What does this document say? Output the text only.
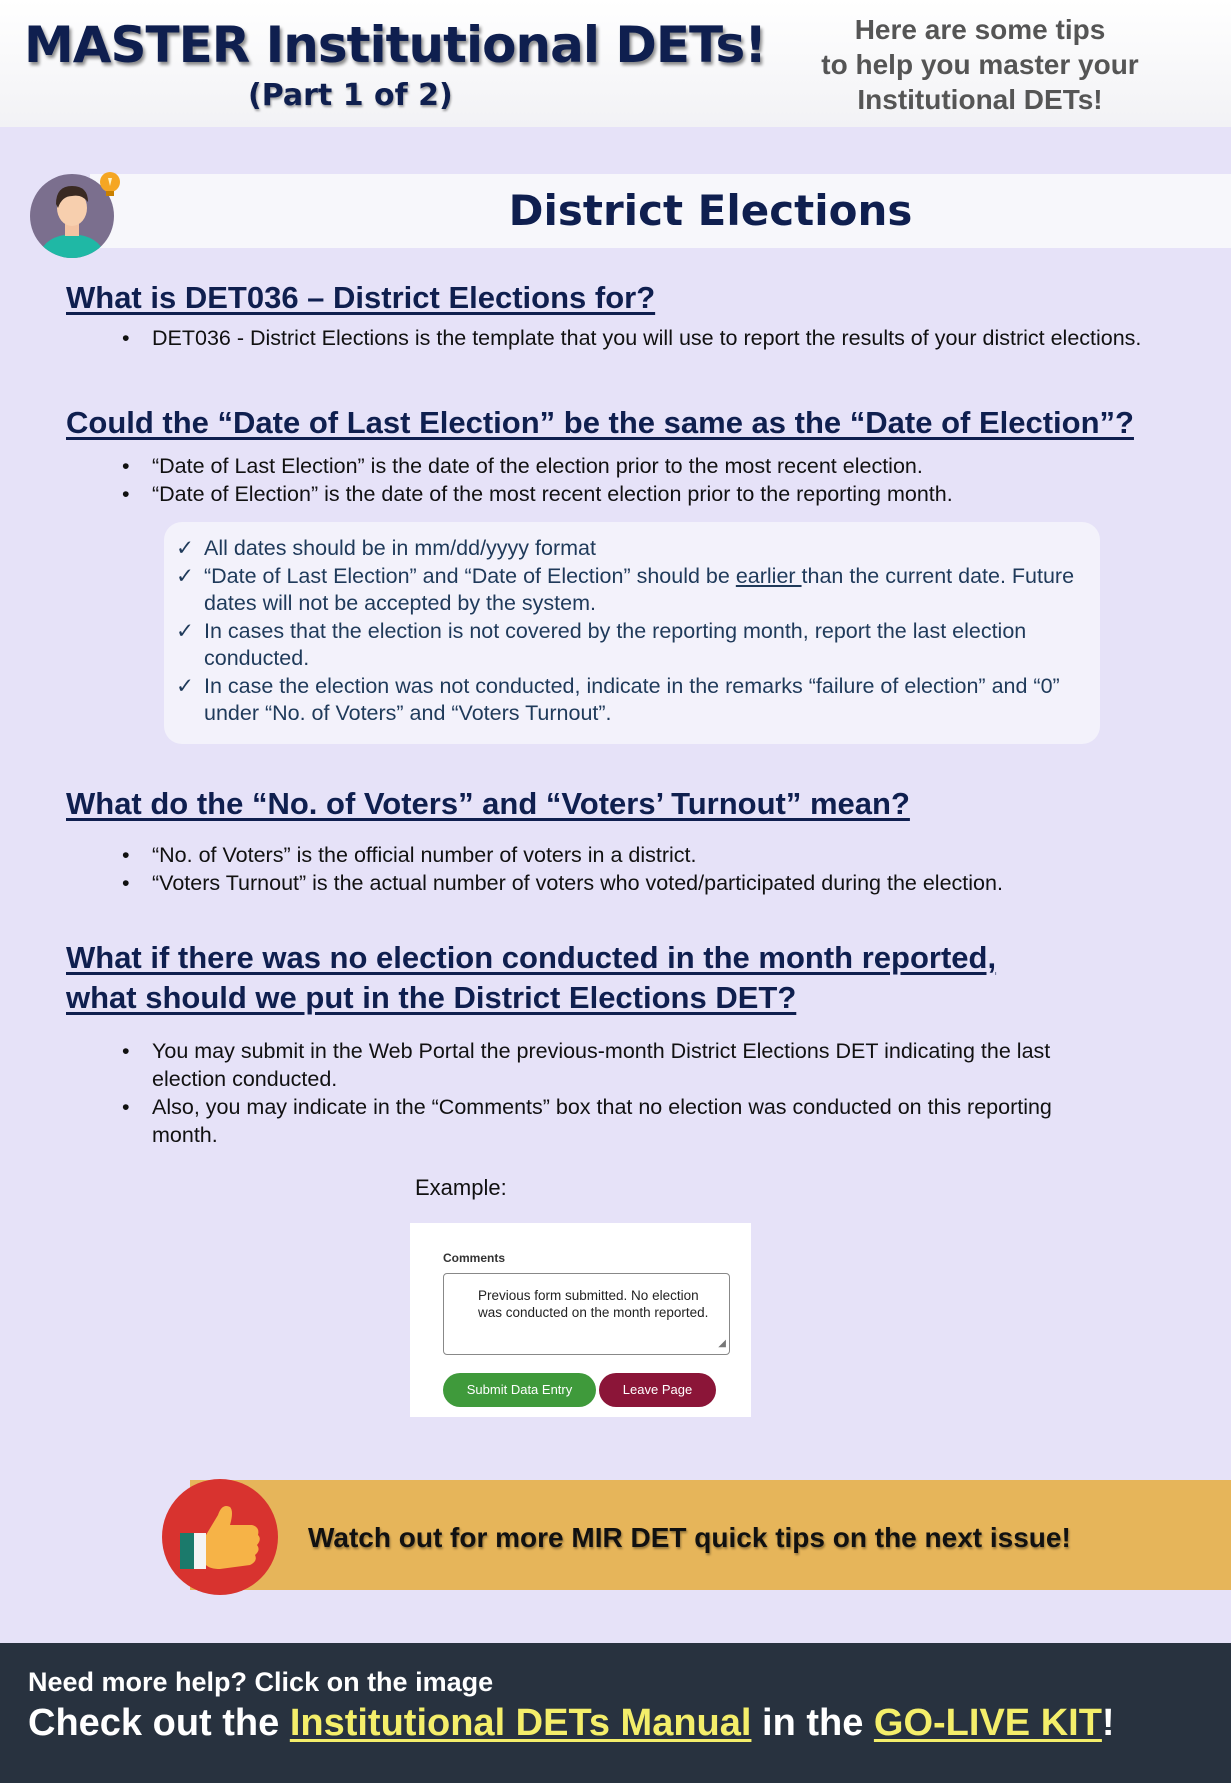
MASTER Institutional DETs!
(Part 1 of 2)
Here are some tips
to help you master your
Institutional DETs!
District Elections
What is DET036 – District Elections for?
• DET036 - District Elections is the template that you will use to report the results of your district elections.
Could the “Date of Last Election” be the same as the “Date of Election”?
• “Date of Last Election” is the date of the election prior to the most recent election.
• “Date of Election” is the date of the most recent election prior to the reporting month.
✓ All dates should be in mm/dd/yyyy format
✓ “Date of Last Election” and “Date of Election” should be earlier than the current date. Future dates will not be accepted by the system.
✓ In cases that the election is not covered by the reporting month, report the last election conducted.
✓ In case the election was not conducted, indicate in the remarks “failure of election” and “0” under “No. of Voters” and “Voters Turnout”.
What do the “No. of Voters” and “Voters’ Turnout” mean?
• “No. of Voters” is the official number of voters in a district.
• “Voters Turnout” is the actual number of voters who voted/participated during the election.
What if there was no election conducted in the month reported,
what should we put in the District Elections DET?
• You may submit in the Web Portal the previous-month District Elections DET indicating the last election conducted.
• Also, you may indicate in the “Comments” box that no election was conducted on this reporting month.
Example:
Comments
Previous form submitted. No election was conducted on the month reported.
◢
Submit Data Entry	Leave Page
Watch out for more MIR DET quick tips on the next issue!
Need more help? Click on the image
Check out the Institutional DETs Manual in the GO-LIVE KIT!
